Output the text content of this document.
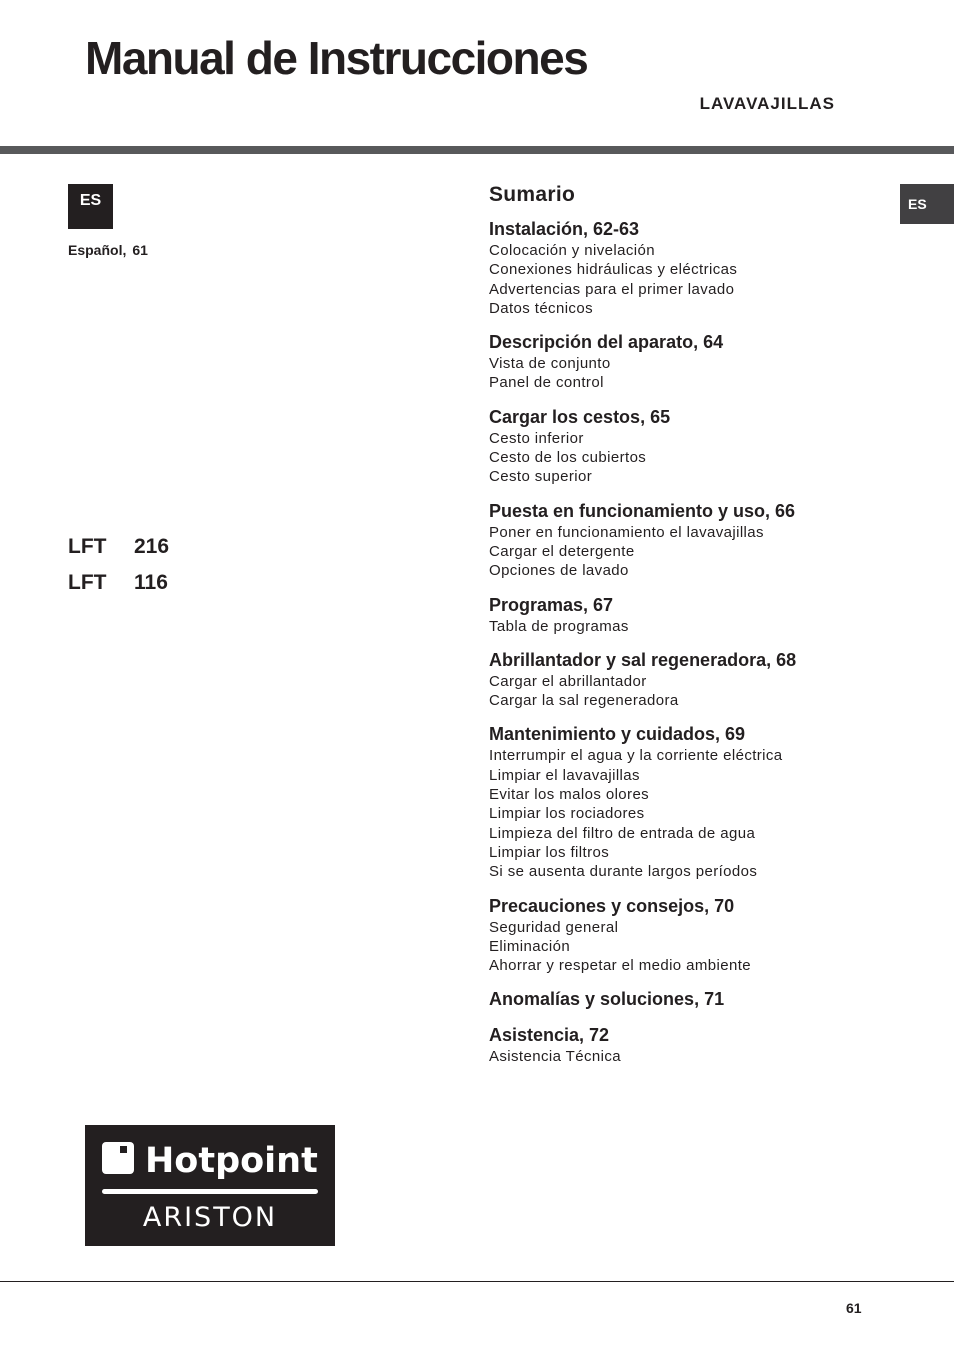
Manual de Instrucciones
LAVAVAJILLAS
ES
Español, 61
ES
LFT	216
LFT	116
Sumario
Instalación, 62-63
Colocación y nivelación
Conexiones hidráulicas y eléctricas
Advertencias para el primer lavado
Datos técnicos
Descripción del aparato, 64
Vista de conjunto
Panel de control
Cargar los cestos, 65
Cesto inferior
Cesto de los cubiertos
Cesto superior
Puesta en funcionamiento y uso, 66
Poner en funcionamiento el lavavajillas
Cargar el detergente
Opciones de lavado
Programas, 67
Tabla de programas
Abrillantador y sal regeneradora, 68
Cargar el abrillantador
Cargar la sal regeneradora
Mantenimiento y cuidados, 69
Interrumpir el agua y la corriente eléctrica
Limpiar el lavavajillas
Evitar los malos olores
Limpiar los rociadores
Limpieza del filtro de entrada de agua
Limpiar los filtros
Si se ausenta durante largos períodos
Precauciones y consejos, 70
Seguridad general
Eliminación
Ahorrar y respetar el medio ambiente
Anomalías y soluciones, 71
Asistencia, 72
Asistencia Técnica
Hotpoint
ARISTON
61
